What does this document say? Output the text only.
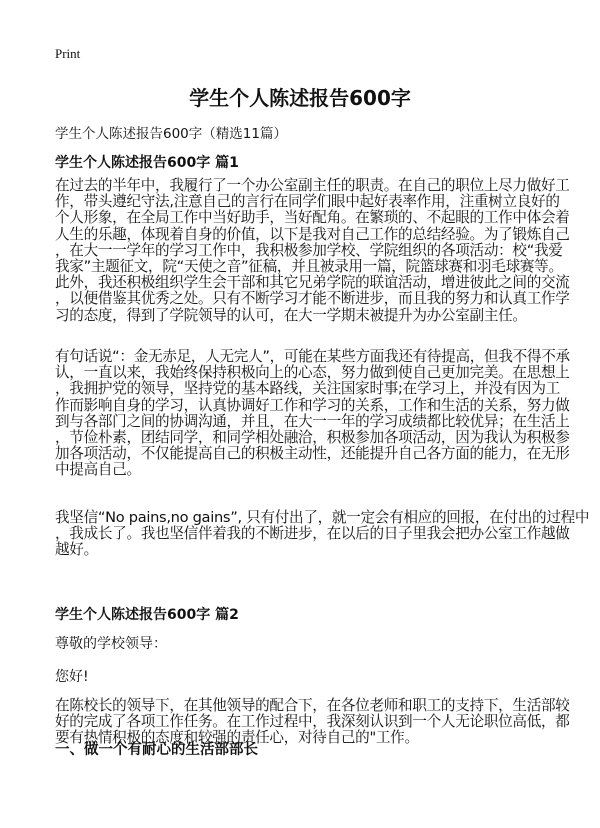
Print
学生个人陈述报告600字
学生个人陈述报告600字（精选11篇）
学生个人陈述报告600字 篇1
在过去的半年中，我履行了一个办公室副主任的职责。在自己的职位上尽力做好工
作，带头遵纪守法,注意自己的言行在同学们眼中起好表率作用，注重树立良好的
个人形象，在全局工作中当好助手，当好配角。在繁琐的、不起眼的工作中体会着
人生的乐趣，体现着自身的价值，以下是我对自己工作的总结经验。为了锻炼自己
，在大一一学年的学习工作中，我积极参加学校、学院组织的各项活动：校“我爱
我家”主题征文，院“天使之音”征稿，并且被录用一篇，院篮球赛和羽毛球赛等。
此外，我还积极组织学生会干部和其它兄弟学院的联谊活动，增进彼此之间的交流
，以便借鉴其优秀之处。只有不断学习才能不断进步，而且我的努力和认真工作学
习的态度，得到了学院领导的认可，在大一学期末被提升为办公室副主任。
有句话说“：金无赤足，人无完人”，可能在某些方面我还有待提高，但我不得不承
认，一直以来，我始终保持积极向上的心态，努力做到使自己更加完美。在思想上
，我拥护党的领导，坚持党的基本路线，关注国家时事;在学习上，并没有因为工
作而影响自身的学习，认真协调好工作和学习的关系，工作和生活的关系，努力做
到与各部门之间的协调沟通，并且，在大一一年的学习成绩都比较优异；在生活上
，节俭朴素，团结同学，和同学相处融洽，积极参加各项活动，因为我认为积极参
加各项活动，不仅能提高自己的积极主动性，还能提升自己各方面的能力，在无形
中提高自己。
我坚信“No pains,no gains”, 只有付出了，就一定会有相应的回报，在付出的过程中
，我成长了。我也坚信伴着我的不断进步，在以后的日子里我会把办公室工作越做
越好。
学生个人陈述报告600字 篇2
尊敬的学校领导：
您好!
在陈校长的领导下，在其他领导的配合下，在各位老师和职工的支持下，生活部较
好的完成了各项工作任务。在工作过程中，我深刻认识到一个人无论职位高低，都
要有热情积极的态度和较强的责任心，对待自己的"工作。
一、做一个有耐心的生活部部长
